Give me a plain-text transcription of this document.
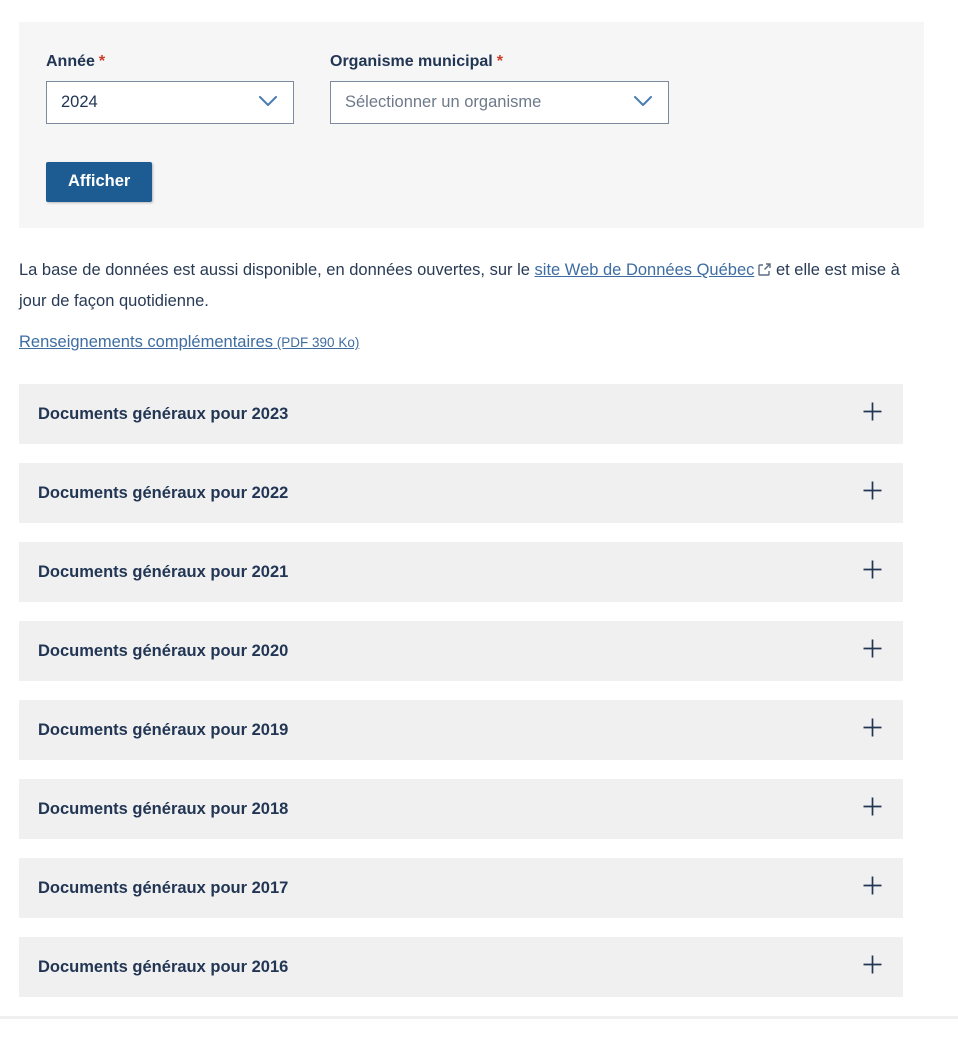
Année *
2024
Organisme municipal *
Sélectionner un organisme
Afficher

La base de données est aussi disponible, en données ouvertes, sur le site Web de Données Québec et elle est mise à jour de façon quotidienne.

Renseignements complémentaires (PDF 390 Ko)
Documents généraux pour 2023
Documents généraux pour 2022
Documents généraux pour 2021
Documents généraux pour 2020
Documents généraux pour 2019
Documents généraux pour 2018
Documents généraux pour 2017
Documents généraux pour 2016
